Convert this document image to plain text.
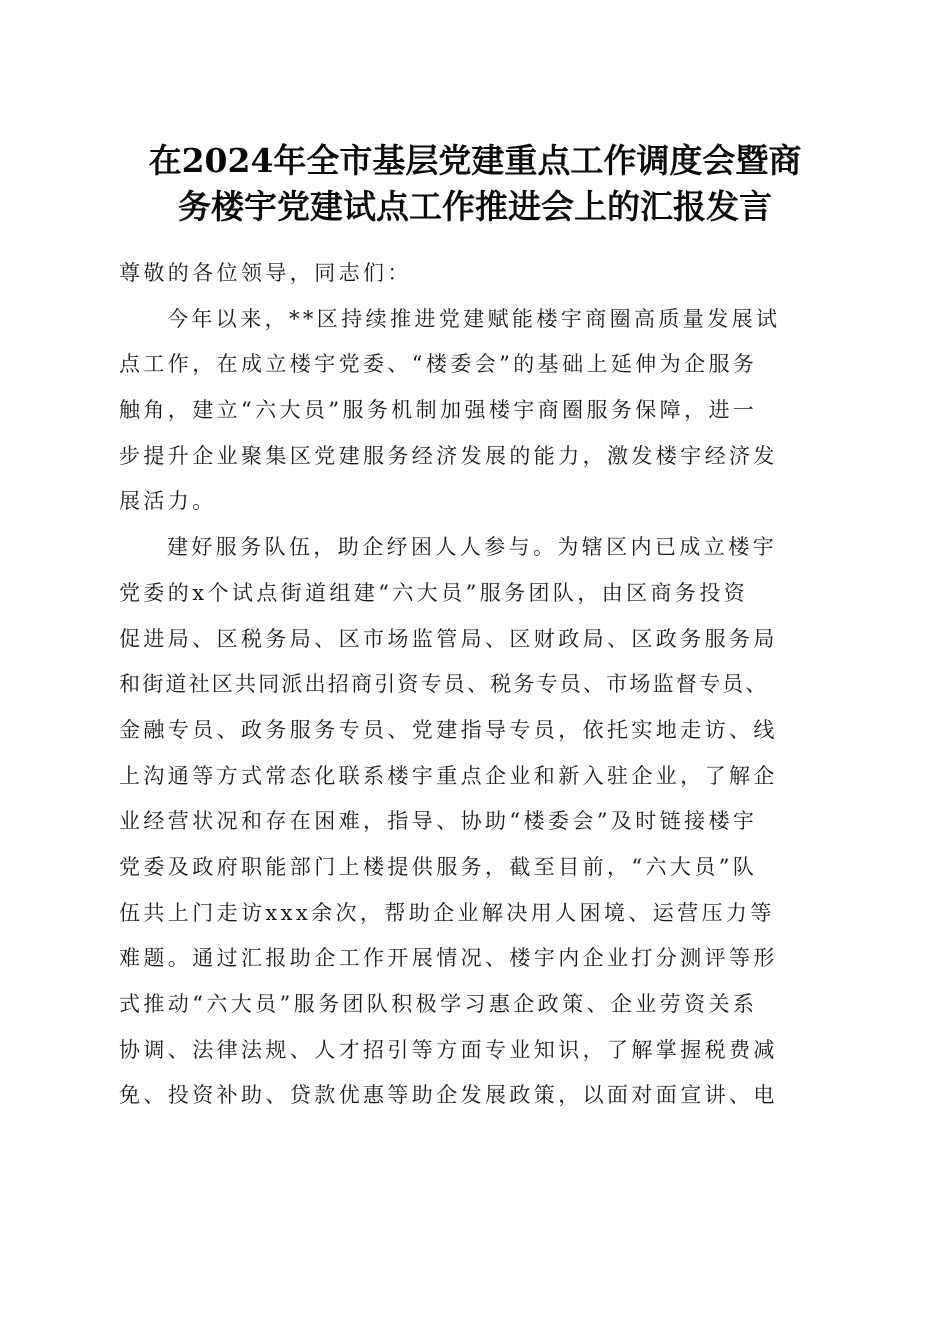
在2024年全市基层党建重点工作调度会暨商
务楼宇党建试点工作推进会上的汇报发言
尊敬的各位领导，同志们：
今年以来，**区持续推进党建赋能楼宇商圈高质量发展试
点工作，在成立楼宇党委、“楼委会”的基础上延伸为企服务
触角，建立“六大员”服务机制加强楼宇商圈服务保障，进一
步提升企业聚集区党建服务经济发展的能力，激发楼宇经济发
展活力。
建好服务队伍，助企纾困人人参与。为辖区内已成立楼宇
党委的x个试点街道组建“六大员”服务团队，由区商务投资
促进局、区税务局、区市场监管局、区财政局、区政务服务局
和街道社区共同派出招商引资专员、税务专员、市场监督专员、
金融专员、政务服务专员、党建指导专员，依托实地走访、线
上沟通等方式常态化联系楼宇重点企业和新入驻企业，了解企
业经营状况和存在困难，指导、协助“楼委会”及时链接楼宇
党委及政府职能部门上楼提供服务，截至目前，“六大员”队
伍共上门走访xxx余次，帮助企业解决用人困境、运营压力等
难题。通过汇报助企工作开展情况、楼宇内企业打分测评等形
式推动“六大员”服务团队积极学习惠企政策、企业劳资关系
协调、法律法规、人才招引等方面专业知识，了解掌握税费减
免、投资补助、贷款优惠等助企发展政策，以面对面宣讲、电
